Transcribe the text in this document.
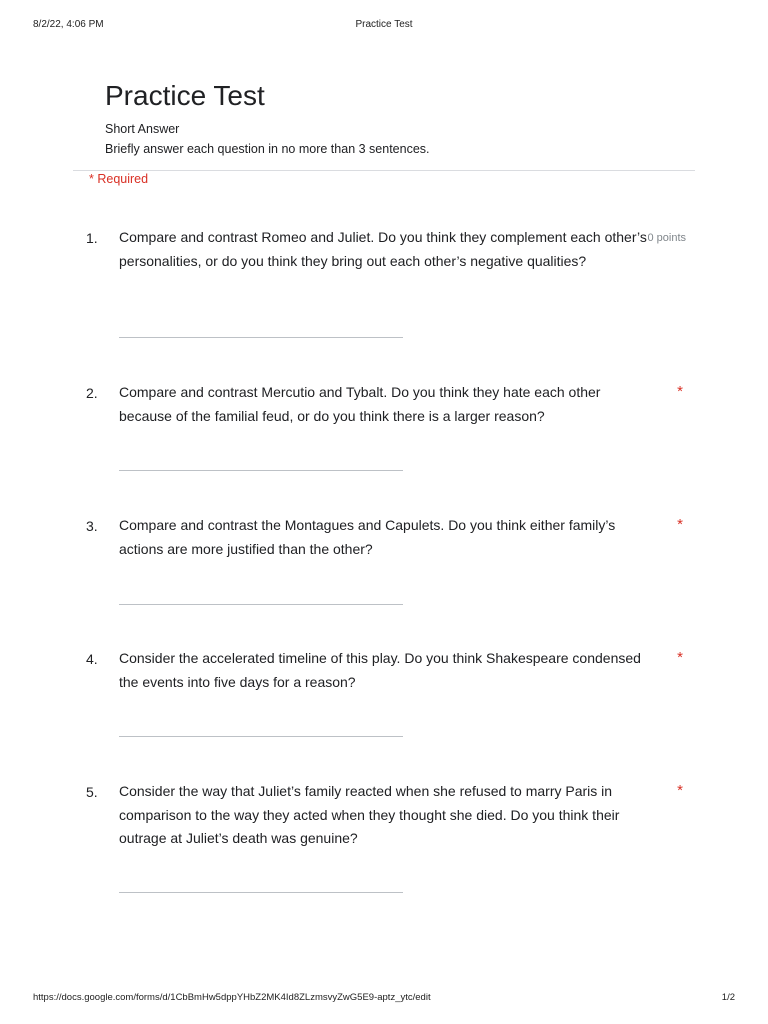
8/2/22, 4:06 PM	Practice Test
Practice Test
Short Answer
Briefly answer each question in no more than 3 sentences.
* Required
1. Compare and contrast Romeo and Juliet. Do you think they complement each other’s personalities, or do you think they bring out each other’s negative qualities?
0 points
2. Compare and contrast Mercutio and Tybalt. Do you think they hate each other because of the familial feud, or do you think there is a larger reason?
*
3. Compare and contrast the Montagues and Capulets. Do you think either family’s actions are more justified than the other?
*
4. Consider the accelerated timeline of this play. Do you think Shakespeare condensed the events into five days for a reason?
*
5. Consider the way that Juliet’s family reacted when she refused to marry Paris in comparison to the way they acted when they thought she died. Do you think their outrage at Juliet’s death was genuine?
*
https://docs.google.com/forms/d/1CbBmHw5dppYHbZ2MK4Id8ZLzmsvyZwG5E9-aptz_ytc/edit	1/2
